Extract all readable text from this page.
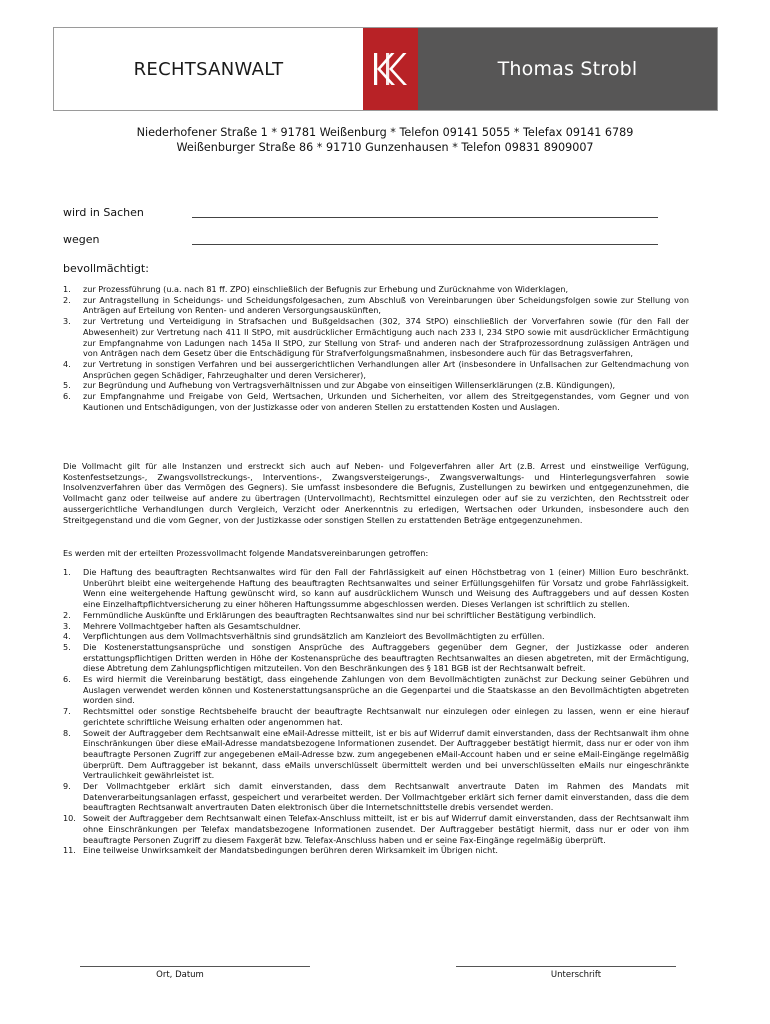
RECHTSANWALT	Thomas Strobl
Niederhofener Straße 1 * 91781 Weißenburg * Telefon 09141 5055 * Telefax 09141 6789
Weißenburger Straße 86 * 91710 Gunzenhausen * Telefon 09831 8909007
wird in Sachen
wegen
bevollmächtigt:
1. zur Prozessführung (u.a. nach 81 ff. ZPO) einschließlich der Befugnis zur Erhebung und Zurücknahme von Widerklagen,
2. zur Antragstellung in Scheidungs- und Scheidungsfolgesachen, zum Abschluß von Vereinbarungen über Scheidungsfolgen sowie zur Stellung von Anträgen auf Erteilung von Renten- und anderen Versorgungsauskünften,
3. zur Vertretung und Verteidigung in Strafsachen und Bußgeldsachen (302, 374 StPO) einschließlich der Vorverfahren sowie (für den Fall der Abwesenheit) zur Vertretung nach 411 II StPO, mit ausdrücklicher Ermächtigung auch nach 233 I, 234 StPO sowie mit ausdrücklicher Ermächtigung zur Empfangnahme von Ladungen nach 145a II StPO, zur Stellung von Straf- und anderen nach der Strafprozessordnung zulässigen Anträgen und von Anträgen nach dem Gesetz über die Entschädigung für Strafverfolgungsmaßnahmen, insbesondere auch für das Betragsverfahren,
4. zur Vertretung in sonstigen Verfahren und bei aussergerichtlichen Verhandlungen aller Art (insbesondere in Unfallsachen zur Geltendmachung von Ansprüchen gegen Schädiger, Fahrzeughalter und deren Versicherer),
5. zur Begründung und Aufhebung von Vertragsverhältnissen und zur Abgabe von einseitigen Willenserklärungen (z.B. Kündigungen),
6. zur Empfangnahme und Freigabe von Geld, Wertsachen, Urkunden und Sicherheiten, vor allem des Streitgegenstandes, vom Gegner und von Kautionen und Entschädigungen, von der Justizkasse oder von anderen Stellen zu erstattenden Kosten und Auslagen.
Die Vollmacht gilt für alle Instanzen und erstreckt sich auch auf Neben- und Folgeverfahren aller Art (z.B. Arrest und einstweilige Verfügung, Kostenfestsetzungs-, Zwangsvollstreckungs-, Interventions-, Zwangsversteigerungs-, Zwangsverwaltungs- und Hinterlegungsverfahren sowie Insolvenzverfahren über das Vermögen des Gegners). Sie umfasst insbesondere die Befugnis, Zustellungen zu bewirken und entgegenzunehmen, die Vollmacht ganz oder teilweise auf andere zu übertragen (Untervollmacht), Rechtsmittel einzulegen oder auf sie zu verzichten, den Rechtsstreit oder aussergerichtliche Verhandlungen durch Vergleich, Verzicht oder Anerkenntnis zu erledigen, Wertsachen oder Urkunden, insbesondere auch den Streitgegenstand und die vom Gegner, von der Justizkasse oder sonstigen Stellen zu erstattenden Beträge entgegenzunehmen.
Es werden mit der erteilten Prozessvollmacht folgende Mandatsvereinbarungen getroffen:
1. Die Haftung des beauftragten Rechtsanwaltes wird für den Fall der Fahrlässigkeit auf einen Höchstbetrag von 1 (einer) Million Euro beschränkt. Unberührt bleibt eine weitergehende Haftung des beauftragten Rechtsanwaltes und seiner Erfüllungsgehilfen für Vorsatz und grobe Fahrlässigkeit. Wenn eine weitergehende Haftung gewünscht wird, so kann auf ausdrücklichem Wunsch und Weisung des Auftraggebers und auf dessen Kosten eine Einzelhaftpflichtversicherung zu einer höheren Haftungssumme abgeschlossen werden. Dieses Verlangen ist schriftlich zu stellen.
2. Fernmündliche Auskünfte und Erklärungen des beauftragten Rechtsanwaltes sind nur bei schriftlicher Bestätigung verbindlich.
3. Mehrere Vollmachtgeber haften als Gesamtschuldner.
4. Verpflichtungen aus dem Vollmachtsverhältnis sind grundsätzlich am Kanzleiort des Bevollmächtigten zu erfüllen.
5. Die Kostenerstattungsansprüche und sonstigen Ansprüche des Auftraggebers gegenüber dem Gegner, der Justizkasse oder anderen erstattungspflichtigen Dritten werden in Höhe der Kostenansprüche des beauftragten Rechtsanwaltes an diesen abgetreten, mit der Ermächtigung, diese Abtretung dem Zahlungspflichtigen mitzuteilen. Von den Beschränkungen des § 181 BGB ist der Rechtsanwalt befreit.
6. Es wird hiermit die Vereinbarung bestätigt, dass eingehende Zahlungen von dem Bevollmächtigten zunächst zur Deckung seiner Gebühren und Auslagen verwendet werden können und Kostenerstattungsansprüche an die Gegenpartei und die Staatskasse an den Bevollmächtigten abgetreten worden sind.
7. Rechtsmittel oder sonstige Rechtsbehelfe braucht der beauftragte Rechtsanwalt nur einzulegen oder einlegen zu lassen, wenn er eine hierauf gerichtete schriftliche Weisung erhalten oder angenommen hat.
8. Soweit der Auftraggeber dem Rechtsanwalt eine eMail-Adresse mitteilt, ist er bis auf Widerruf damit einverstanden, dass der Rechtsanwalt ihm ohne Einschränkungen über diese eMail-Adresse mandatsbezogene Informationen zusendet. Der Auftraggeber bestätigt hiermit, dass nur er oder von ihm beauftragte Personen Zugriff zur angegebenen eMail-Adresse bzw. zum angegebenen eMail-Account haben und er seine eMail-Eingänge regelmäßig überprüft. Dem Auftraggeber ist bekannt, dass eMails unverschlüsselt übermittelt werden und bei unverschlüsselten eMails nur eingeschränkte Vertraulichkeit gewährleistet ist.
9. Der Vollmachtgeber erklärt sich damit einverstanden, dass dem Rechtsanwalt anvertraute Daten im Rahmen des Mandats mit Datenverarbeitungsanlagen erfasst, gespeichert und verarbeitet werden. Der Vollmachtgeber erklärt sich ferner damit einverstanden, dass die dem beauftragten Rechtsanwalt anvertrauten Daten elektronisch über die Internetschnittstelle drebis versendet werden.
10. Soweit der Auftraggeber dem Rechtsanwalt einen Telefax-Anschluss mitteilt, ist er bis auf Widerruf damit einverstanden, dass der Rechtsanwalt ihm ohne Einschränkungen per Telefax mandatsbezogene Informationen zusendet. Der Auftraggeber bestätigt hiermit, dass nur er oder von ihm beauftragte Personen Zugriff zu diesem Faxgerät bzw. Telefax-Anschluss haben und er seine Fax-Eingänge regelmäßig überprüft.
11. Eine teilweise Unwirksamkeit der Mandatsbedingungen berühren deren Wirksamkeit im Übrigen nicht.
Ort, Datum	Unterschrift
